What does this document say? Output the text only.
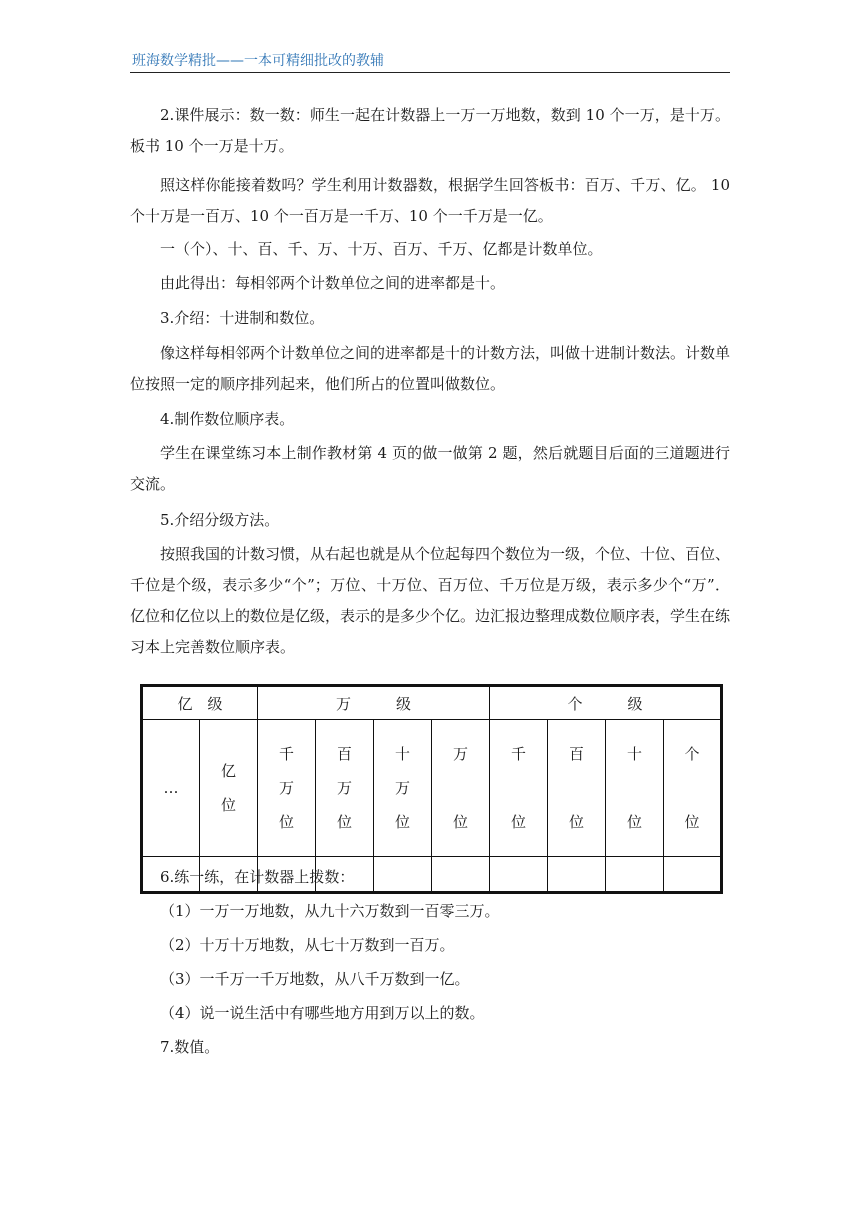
班海数学精批——一本可精细批改的教辅

2.课件展示：数一数：师生一起在计数器上一万一万地数，数到 10 个一万，是十万。板书 10 个一万是十万。

照这样你能接着数吗？学生利用计数器数，根据学生回答板书：百万、千万、亿。 10 个十万是一百万、10 个一百万是一千万、10 个一千万是一亿。

一（个）、十、百、千、万、十万、百万、千万、亿都是计数单位。

由此得出：每相邻两个计数单位之间的进率都是十。

3.介绍：十进制和数位。

像这样每相邻两个计数单位之间的进率都是十的计数方法，叫做十进制计数法。计数单位按照一定的顺序排列起来，他们所占的位置叫做数位。

4.制作数位顺序表。

学生在课堂练习本上制作教材第 4 页的做一做第 2 题，然后就题目后面的三道题进行交流。

5.介绍分级方法。

按照我国的计数习惯，从右起也就是从个位起每四个数位为一级，个位、十位、百位、千位是个级，表示多少“个”；万位、十万位、百万位、千万位是万级，表示多少个“万”．亿位和亿位以上的数位是亿级，表示的是多少个亿。边汇报边整理成数位顺序表，学生在练习本上完善数位顺序表。

亿　级		万　　　级				个　　　级			
…	亿位	千万位	百万位	十万位	万位	千位	百位	十位	个位

6.练一练，在计数器上拨数：

（1）一万一万地数，从九十六万数到一百零三万。

（2）十万十万地数，从七十万数到一百万。

（3）一千万一千万地数，从八千万数到一亿。

（4）说一说生活中有哪些地方用到万以上的数。

7.数值。
